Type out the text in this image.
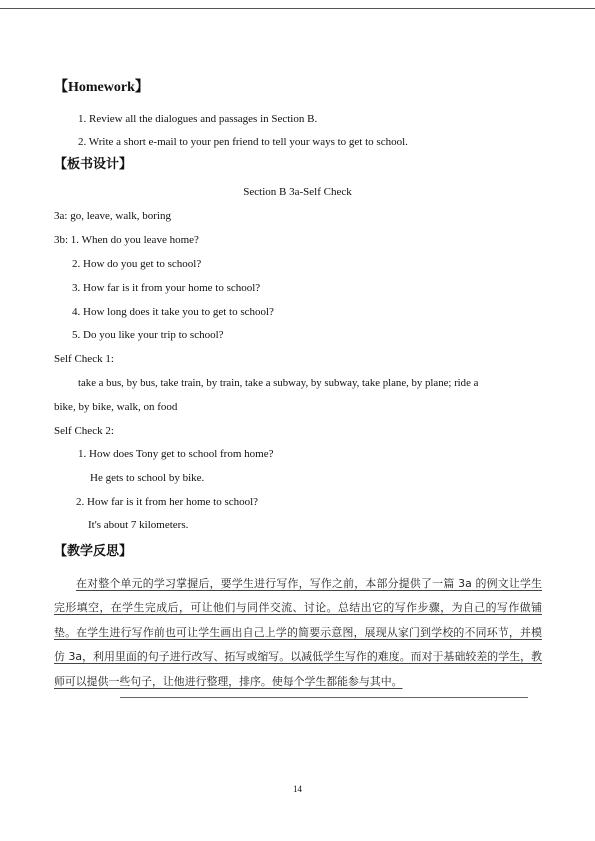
【Homework】
1. Review all the dialogues and passages in Section B.
2. Write a short e-mail to your pen friend to tell your ways to get to school.
【板书设计】
Section B 3a-Self Check
3a: go, leave, walk, boring
3b: 1. When do you leave home?
2. How do you get to school?
3. How far is it from your home to school?
4. How long does it take you to get to school?
5. Do you like your trip to school?
Self Check 1:
take a bus, by bus, take train, by train, take a subway, by subway, take plane, by plane; ride a
bike, by bike, walk, on food
Self Check 2:
1. How does Tony get to school from home?
He gets to school by bike.
2. How far is it from her home to school?
It's about 7 kilometers.
【教学反思】
在对整个单元的学习掌握后，要学生进行写作，写作之前，本部分提供了一篇 3a 的例文让学生完形填空，在学生完成后，可让他们与同伴交流、讨论。总结出它的写作步骤，为自己的写作做铺垫。在学生进行写作前也可让学生画出自己上学的简要示意图，展现从家门到学校的不同环节，并模仿 3a，利用里面的句子进行改写、拓写或缩写。以减低学生写作的难度。而对于基础较差的学生，教师可以提供一些句子，让他进行整理，排序。使每个学生都能参与其中。
14
